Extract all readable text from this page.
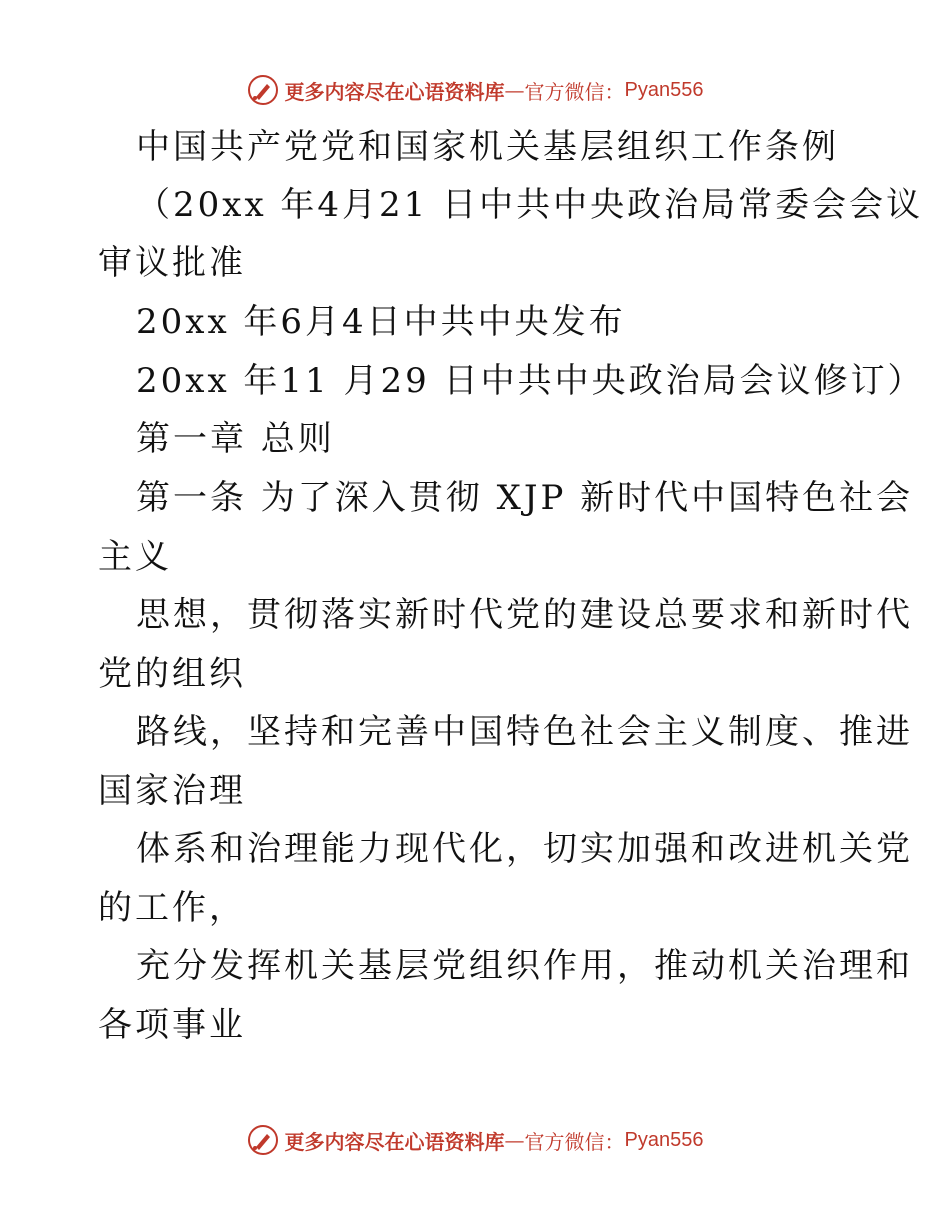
更多内容尽在心语资料库 — 官方微信： Pyan556
中国共产党党和国家机关基层组织工作条例
（20xx 年4月21 日中共中央政治局常委会会议
审议批准
20xx 年6月4日中共中央发布
20xx 年11 月29 日中共中央政治局会议修订）
第一章 总则
第一条 为了深入贯彻 XJP 新时代中国特色社会
主义
思想，贯彻落实新时代党的建设总要求和新时代
党的组织
路线，坚持和完善中国特色社会主义制度、推进
国家治理
体系和治理能力现代化，切实加强和改进机关党
的工作，
充分发挥机关基层党组织作用，推动机关治理和
各项事业
更多内容尽在心语资料库 — 官方微信： Pyan556
